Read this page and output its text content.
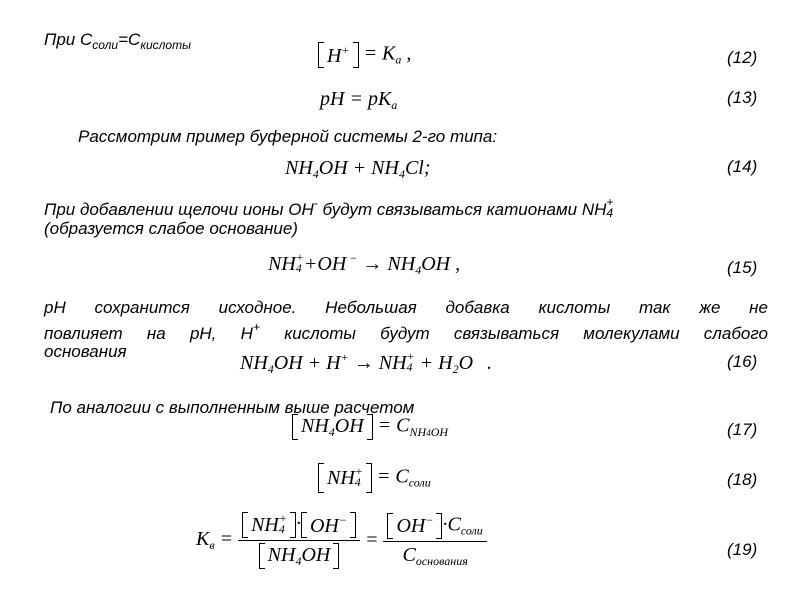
При $С_{соли}=С_{кислоты}$	$H^+ = K_a$ ,	(12)
pH = $pK_a$	(13)
Рассмотрим пример буферной системы 2-го типа:
$NH_4OH + NH_4Cl$;	(14)
При добавлении щелочи ионы ОН- будут связываться катионами NH +
4
(образуется слабое основание)
NH +
4 +OH $^- \to NH_4OH$ ,	(15)
pH сохранится исходное. Небольшая добавка кислоты так же не
повлияет на рН, Н+ кислоты будут связываться молекулами слабого
основания
$NH_4OH + H^+$ → NH +
$4 + H_2O$ .	(16)
По аналогии с выполненным выше расчетом
$NH_4OH = C_{NH4OH}$	(17)
NH +
$4 = C_{соли}$	(18)
$K_в$ = NH +
4 · OH−
$NH_4OH = \frac{OH^- \cdot C_{соли}}{C_{основания}}$	(19)
